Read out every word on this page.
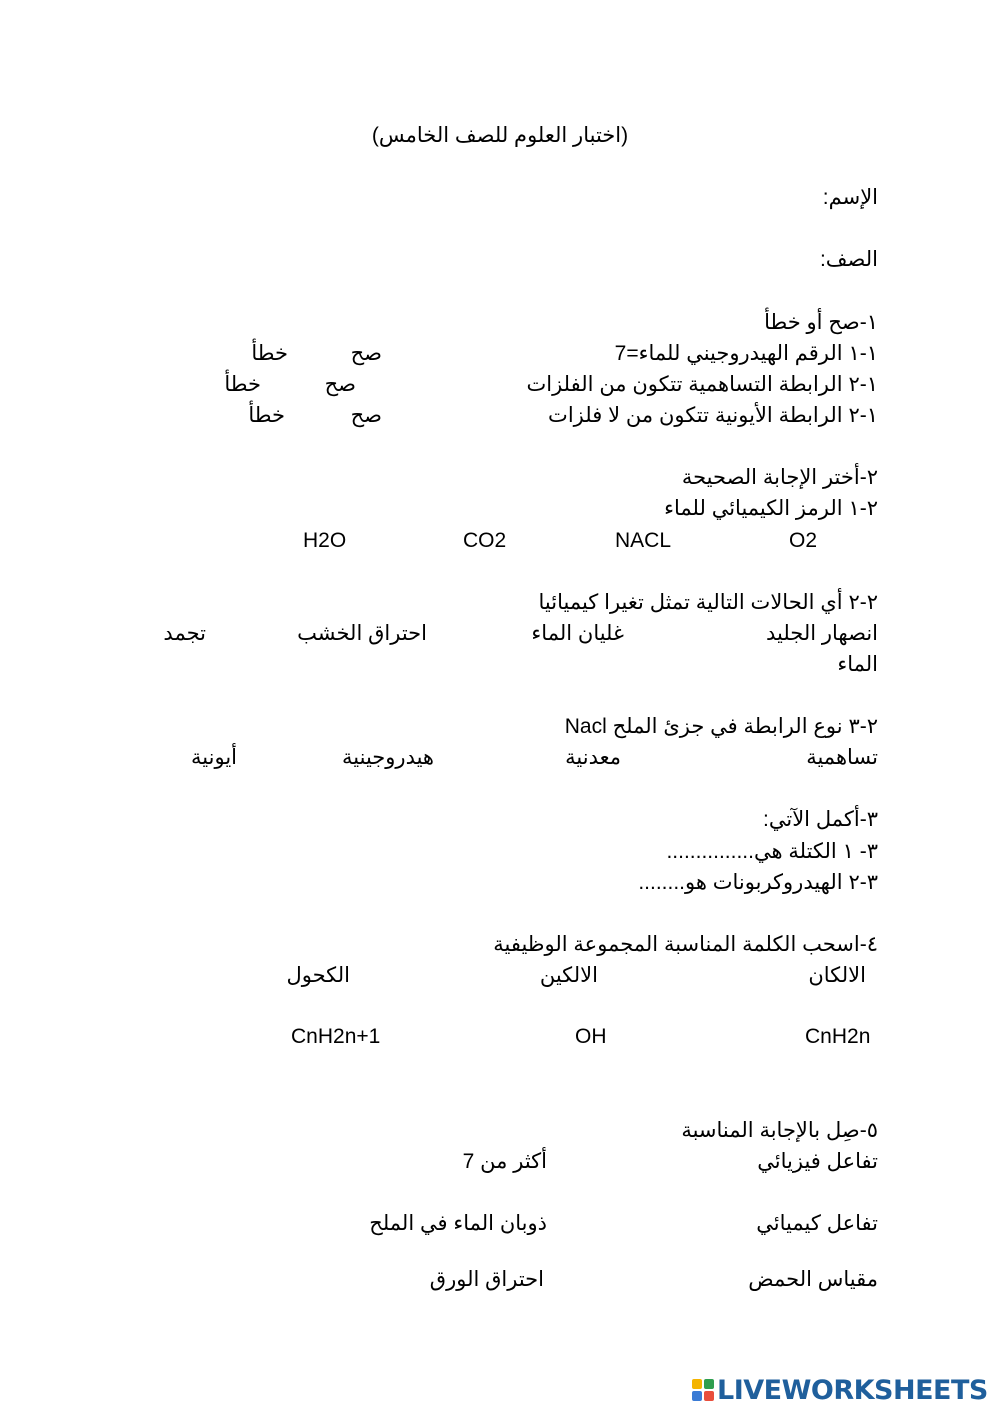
(اختبار العلوم للصف الخامس)
الإسم:
الصف:
١-صح أو خطأ
١-١ الرقم الهيدروجيني للماء=7
صح
خطأ
١-٢ الرابطة التساهمية تتكون من الفلزات
صح
خطأ
١-٢ الرابطة الأيونية تتكون من لا فلزات
صح
خطأ
٢-أختر الإجابة الصحيحة
٢-١ الرمز الكيميائي للماء
O2
NACL
CO2
H2O
٢-٢ أي الحالات التالية تمثل تغيرا كيميائيا
انصهار الجليد
غليان الماء
احتراق الخشب
تجمد
الماء
٢-٣ نوع الرابطة في جزئ الملح Nacl
تساهمية
معدنية
هيدروجينية
أيونية
٣-أكمل الآتي:
٣- ١ الكتلة هي...............
٣-٢ الهيدروكربونات هو........
٤-اسحب الكلمة المناسبة المجموعة الوظيفية
الالكان
الالكين
الكحول
CnH2n
OH
CnH2n+1
٥-صِل بالإجابة المناسبة
تفاعل فيزيائي
أكثر من 7
تفاعل كيميائي
ذوبان الماء في الملح
مقياس الحمض
احتراق الورق
LIVEWORKSHEETS
